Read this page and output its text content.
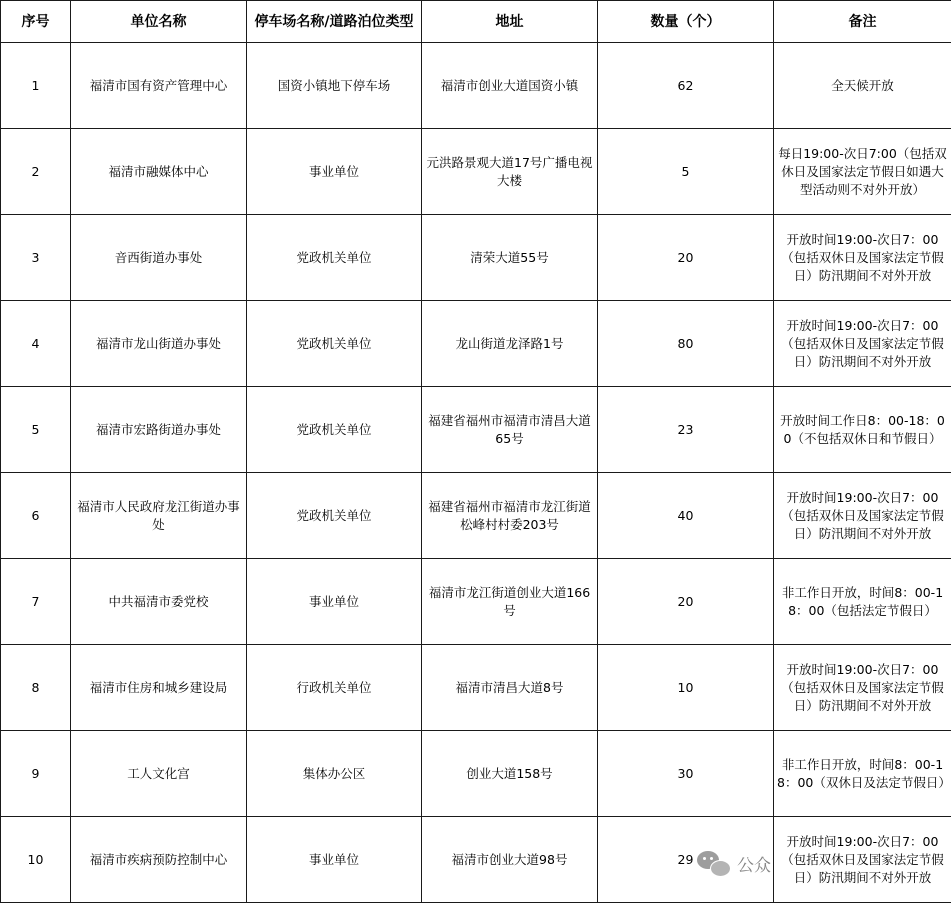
序号	单位名称	停车场名称/道路泊位类型	地址	数量（个）	备注
1	福清市国有资产管理中心	国资小镇地下停车场	福清市创业大道国资小镇	62	全天候开放
2	福清市融媒体中心	事业单位	元洪路景观大道17号广播电视大楼	5	每日19:00-次日7:00（包括双休日及国家法定节假日如遇大型活动则不对外开放）
3	音西街道办事处	党政机关单位	清荣大道55号	20	开放时间19:00-次日7：00（包括双休日及国家法定节假日）防汛期间不对外开放
4	福清市龙山街道办事处	党政机关单位	龙山街道龙泽路1号	80	开放时间19:00-次日7：00（包括双休日及国家法定节假日）防汛期间不对外开放
5	福清市宏路街道办事处	党政机关单位	福建省福州市福清市清昌大道65号	23	开放时间工作日8：00-18：00（不包括双休日和节假日）
6	福清市人民政府龙江街道办事处	党政机关单位	福建省福州市福清市龙江街道松峰村村委203号	40	开放时间19:00-次日7：00（包括双休日及国家法定节假日）防汛期间不对外开放
7	中共福清市委党校	事业单位	福清市龙江街道创业大道166号	20	非工作日开放，时间8：00-18：00（包括法定节假日）
8	福清市住房和城乡建设局	行政机关单位	福清市清昌大道8号	10	开放时间19:00-次日7：00（包括双休日及国家法定节假日）防汛期间不对外开放
9	工人文化宫	集体办公区	创业大道158号	30	非工作日开放，时间8：00-18：00（双休日及法定节假日）
10	福清市疾病预防控制中心	事业单位	福清市创业大道98号	29	开放时间19:00-次日7：00（包括双休日及国家法定节假日）防汛期间不对外开放
公众
